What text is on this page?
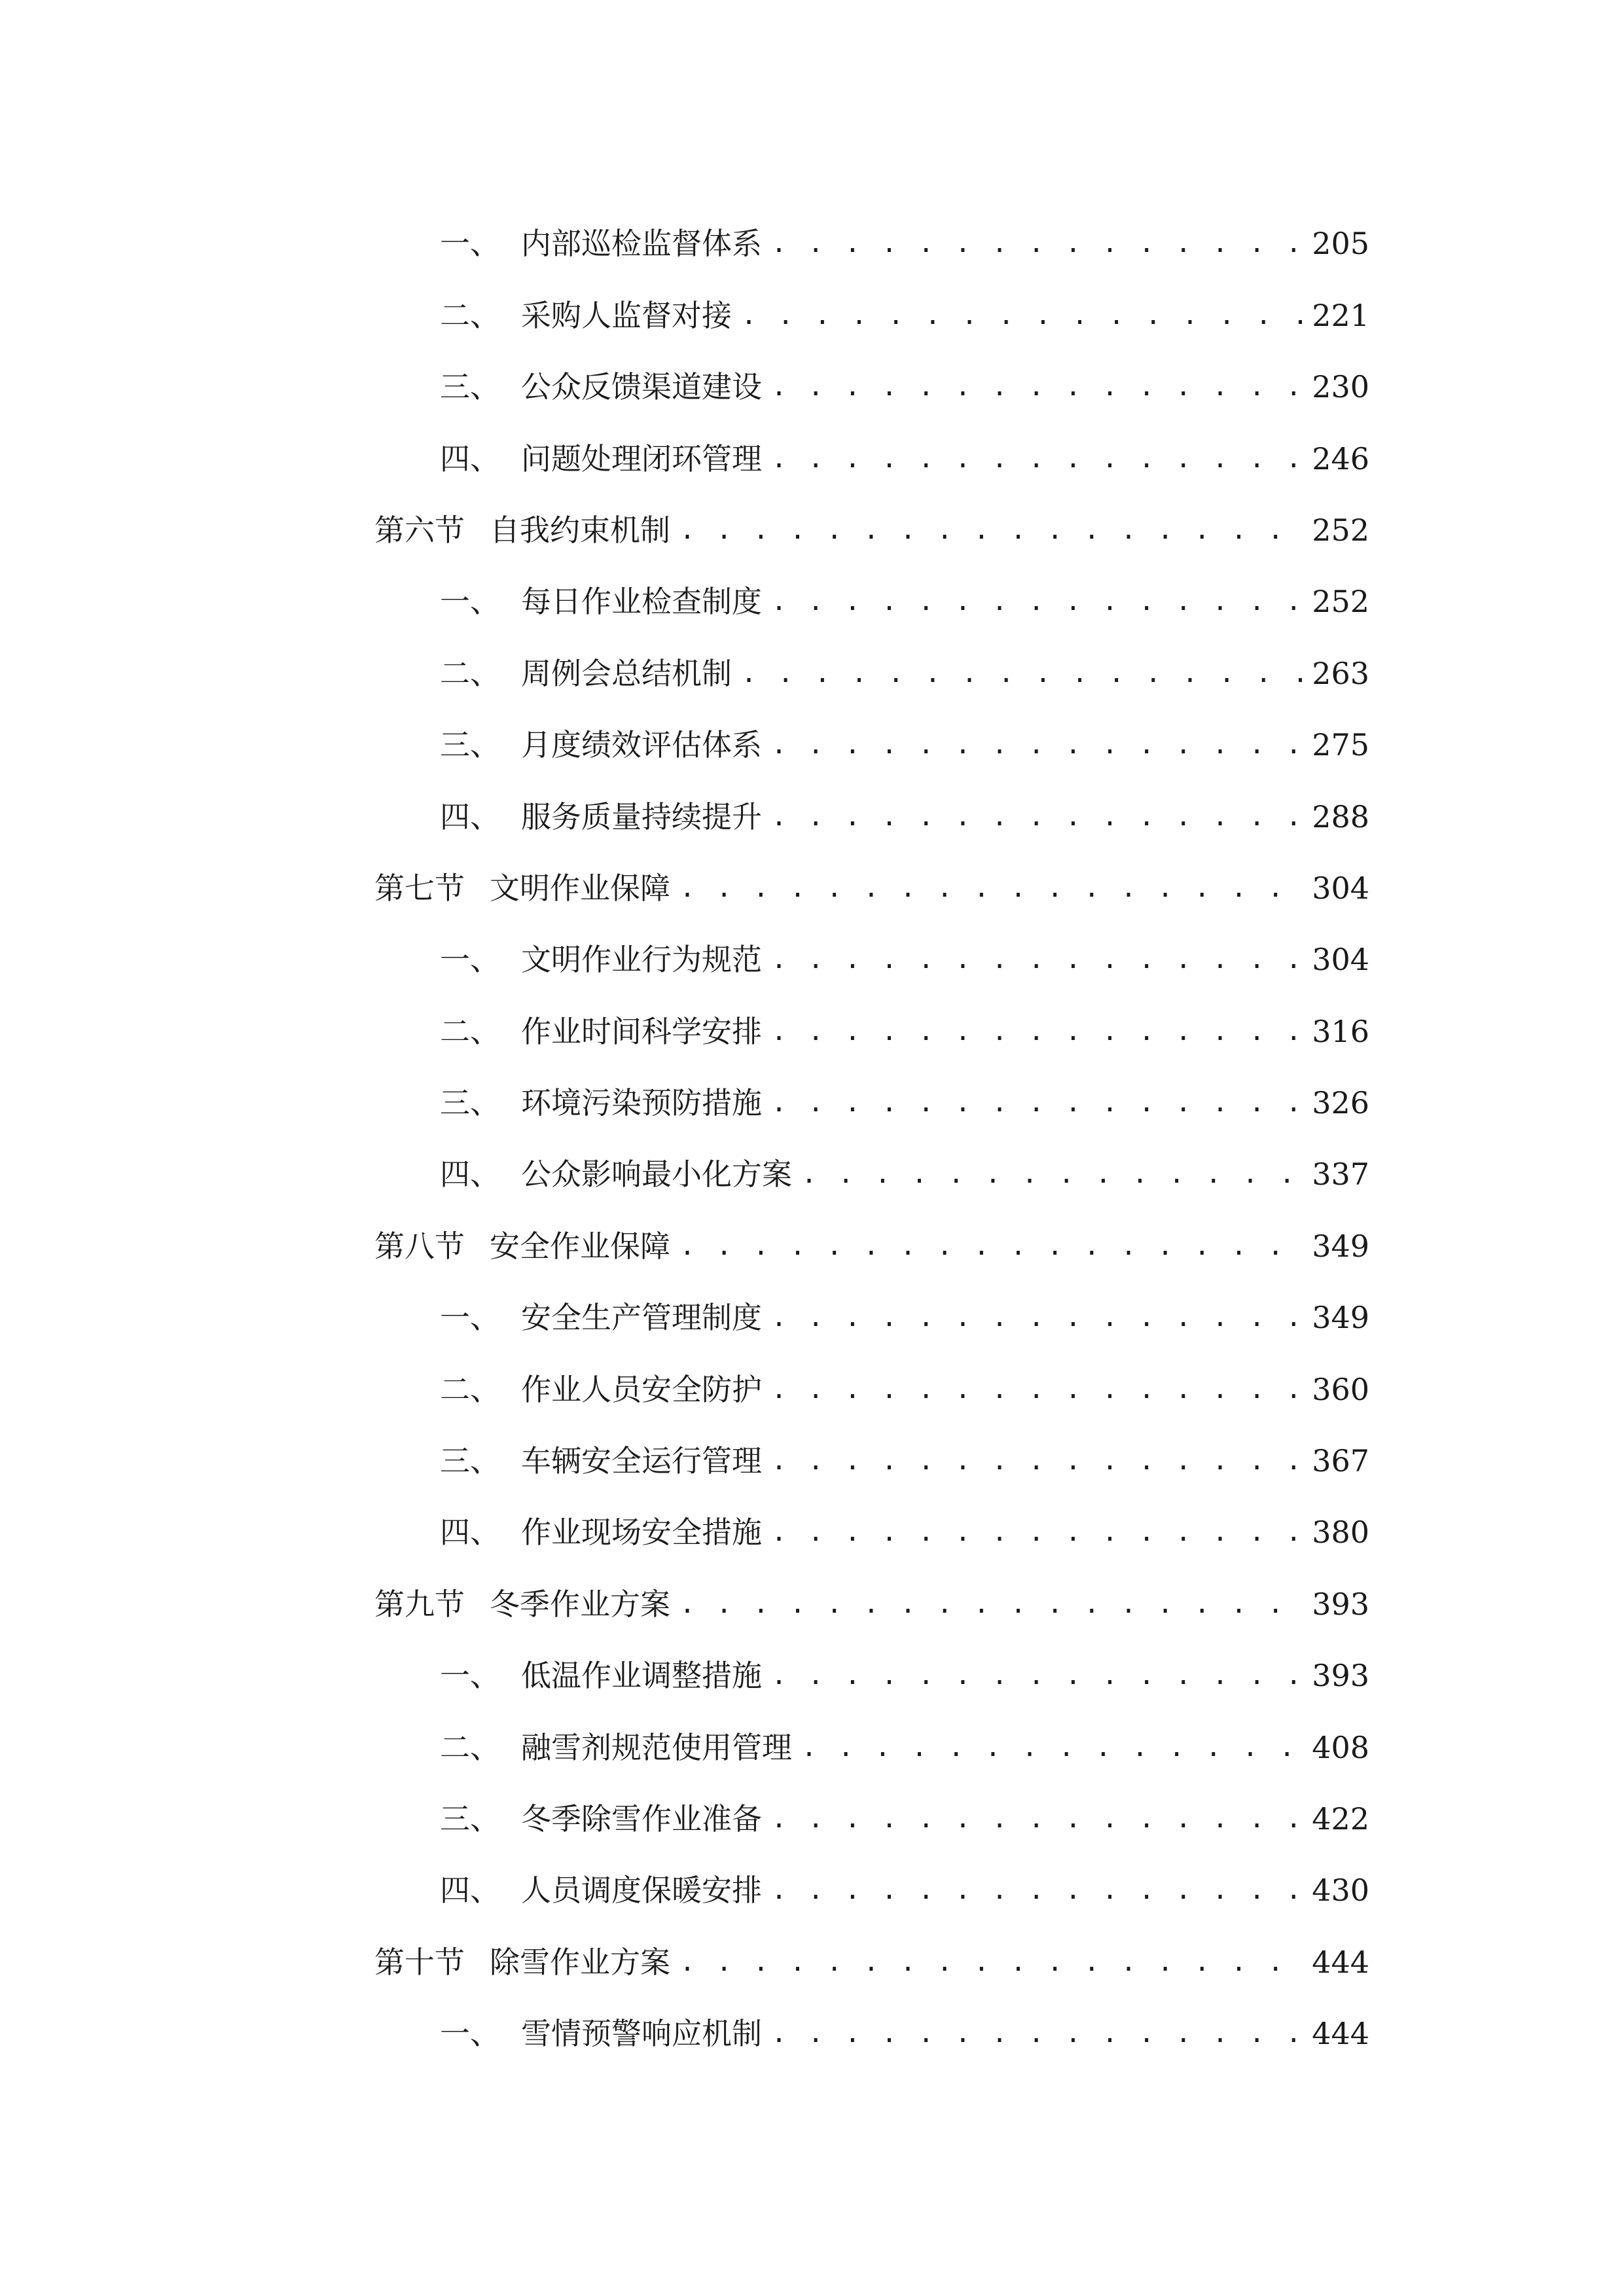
一、 内部巡检监督体系 . . .	205
二、 采购人监督对接 . . .	221
三、 公众反馈渠道建设 . . .	230
四、 问题处理闭环管理 . . .	246
第六节 自我约束机制 . . .	252
一、 每日作业检查制度 . . .	252
二、 周例会总结机制 . . .	263
三、 月度绩效评估体系 . . .	275
四、 服务质量持续提升 . . .	288
第七节 文明作业保障 . . .	304
一、 文明作业行为规范 . . .	304
二、 作业时间科学安排 . . .	316
三、 环境污染预防措施 . . .	326
四、 公众影响最小化方案 . . .	337
第八节 安全作业保障 . . .	349
一、 安全生产管理制度 . . .	349
二、 作业人员安全防护 . . .	360
三、 车辆安全运行管理 . . .	367
四、 作业现场安全措施 . . .	380
第九节 冬季作业方案 . . .	393
一、 低温作业调整措施 . . .	393
二、 融雪剂规范使用管理 . . .	408
三、 冬季除雪作业准备 . . .	422
四、 人员调度保暖安排 . . .	430
第十节 除雪作业方案 . . .	444
一、 雪情预警响应机制 . . .	444
